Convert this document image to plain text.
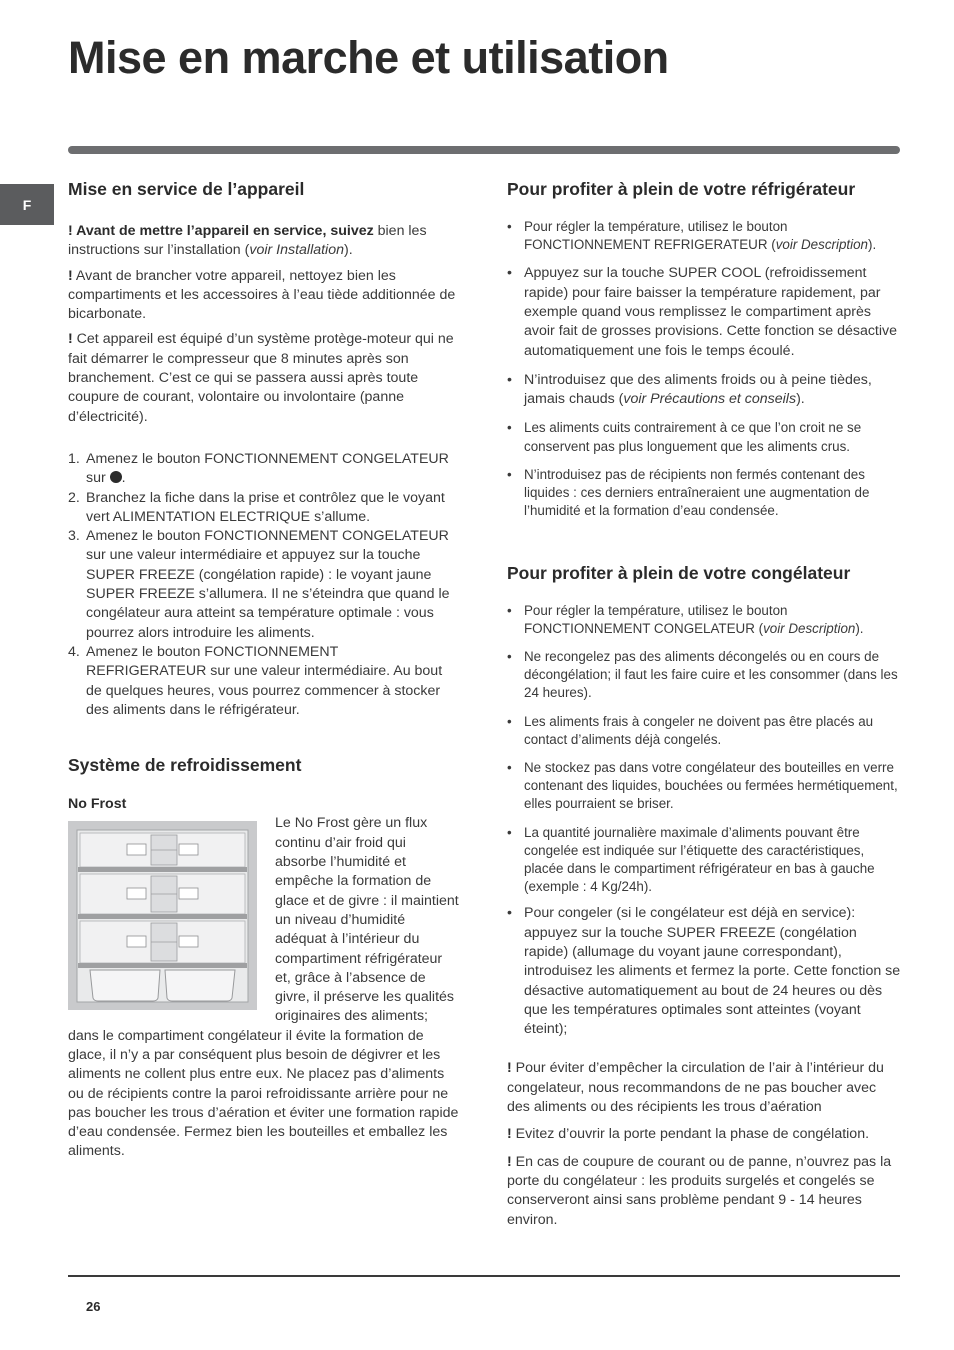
Mise en marche et utilisation
F
Mise en service de l’appareil

! Avant de mettre l’appareil en service, suivez bien les instructions sur l’installation (voir Installation).

! Avant de brancher votre appareil, nettoyez bien les compartiments et les accessoires à l’eau tiède additionnée de bicarbonate.

! Cet appareil est équipé d’un système protège-moteur qui ne fait démarrer le compresseur que 8 minutes après son branchement. C’est ce qui se passera aussi après toute coupure de courant, volontaire ou involontaire (panne d’électricité).

1. Amenez le bouton FONCTIONNEMENT CONGELATEUR sur .
2. Branchez la fiche dans la prise et contrôlez que le voyant vert ALIMENTATION ELECTRIQUE s’allume.
3. Amenez le bouton FONCTIONNEMENT CONGELATEUR sur une valeur intermédiaire et appuyez sur la touche SUPER FREEZE (congélation rapide) : le voyant jaune SUPER FREEZE s’allumera. Il ne s’éteindra que quand le congélateur aura atteint sa température optimale : vous pourrez alors introduire les aliments.
4. Amenez le bouton FONCTIONNEMENT REFRIGERATEUR sur une valeur intermédiaire. Au bout de quelques heures, vous pourrez commencer à stocker des aliments dans le réfrigérateur.
Système de refroidissement
No Frost

Le No Frost gère un flux continu d’air froid qui absorbe l’humidité et empêche la formation de glace et de givre : il maintient un niveau d’humidité adéquat à l’intérieur du compartiment réfrigérateur et, grâce à l’absence de givre, il préserve les qualités originaires des aliments; dans le compartiment congélateur il évite la formation de glace, il n’y a par conséquent plus besoin de dégivrer et les aliments ne collent plus entre eux. Ne placez pas d’aliments ou de récipients contre la paroi refroidissante arrière pour ne pas boucher les trous d’aération et éviter une formation rapide d’eau condensée. Fermez bien les bouteilles et emballez les aliments.

Pour profiter à plein de votre réfrigérateur
• Pour régler la température, utilisez le bouton FONCTIONNEMENT REFRIGERATEUR (voir Description).
• Appuyez sur la touche SUPER COOL (refroidissement rapide) pour faire baisser la température rapidement, par exemple quand vous remplissez le compartiment après avoir fait de grosses provisions. Cette fonction se désactive automatiquement une fois le temps écoulé.
• N’introduisez que des aliments froids ou à peine tièdes, jamais chauds (voir Précautions et conseils).
• Les aliments cuits contrairement à ce que l’on croit ne se conservent pas plus longuement que les aliments crus.
• N’introduisez pas de récipients non fermés contenant des liquides : ces derniers entraîneraient une augmentation de l’humidité et la formation d’eau condensée.
Pour profiter à plein de votre congélateur
• Pour régler la température, utilisez le bouton FONCTIONNEMENT CONGELATEUR (voir Description).
• Ne recongelez pas des aliments décongelés ou en cours de décongélation; il faut les faire cuire et les consommer (dans les 24 heures).
• Les aliments frais à congeler ne doivent pas être placés au contact d’aliments déjà congelés.
• Ne stockez pas dans votre congélateur des bouteilles en verre contenant des liquides, bouchées ou fermées hermétiquement, elles pourraient se briser.
• La quantité journalière maximale d’aliments pouvant être congelée est indiquée sur l’étiquette des caractéristiques, placée dans le compartiment réfrigérateur en bas à gauche (exemple : 4 Kg/24h).
• Pour congeler (si le congélateur est déjà en service): appuyez sur la touche SUPER FREEZE (congélation rapide) (allumage du voyant jaune correspondant), introduisez les aliments et fermez la porte. Cette fonction se désactive automatiquement au bout de 24 heures ou dès que les températures optimales sont atteintes (voyant éteint);

! Pour éviter d’empêcher la circulation de l’air à l’intérieur du congelateur, nous recommandons de ne pas boucher avec des aliments ou des récipients les trous d’aération

! Evitez d’ouvrir la porte pendant la phase de congélation.

! En cas de coupure de courant ou de panne, n’ouvrez pas la porte du congélateur : les produits surgelés et congelés se conserveront ainsi sans problème pendant 9 - 14 heures environ.

26
